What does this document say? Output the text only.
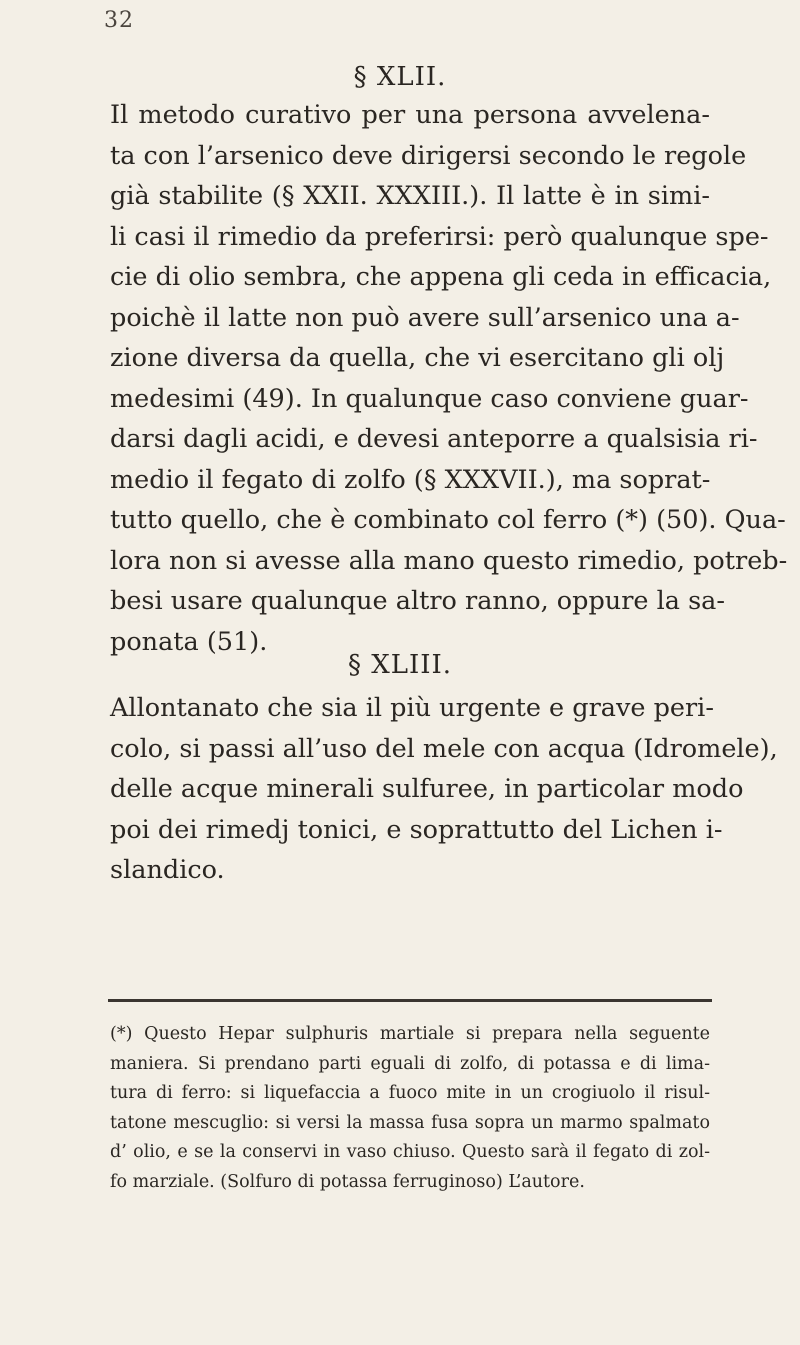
32
§ XLII.
Il metodo curativo per una persona avvelena-
ta con l’arsenico deve dirigersi secondo le regole
già stabilite (§ XXII. XXXIII.). Il latte è in simi-
li casi il rimedio da preferirsi: però qualunque spe-
cie di olio sembra, che appena gli ceda in efficacia,
poichè il latte non può avere sull’arsenico una a-
zione diversa da quella, che vi esercitano gli olj
medesimi (49). In qualunque caso conviene guar-
darsi dagli acidi, e devesi anteporre a qualsisia ri-
medio il fegato di zolfo (§ XXXVII.), ma soprat-
tutto quello, che è combinato col ferro (*) (50). Qua-
lora non si avesse alla mano questo rimedio, potreb-
besi usare qualunque altro ranno, oppure la sa-
ponata (51).
§ XLIII.
Allontanato che sia il più urgente e grave peri-
colo, si passi all’uso del mele con acqua (Idromele),
delle acque minerali sulfuree, in particolar modo
poi dei rimedj tonici, e soprattutto del Lichen i-
slandico.
(*) Questo Hepar sulphuris martiale si prepara nella seguente
maniera. Si prendano parti eguali di zolfo, di potassa e di lima-
tura di ferro: si liquefaccia a fuoco mite in un crogiuolo il risul-
tatone mescuglio: si versi la massa fusa sopra un marmo spalmato
d’ olio, e se la conservi in vaso chiuso. Questo sarà il fegato di zol-
fo marziale. (Solfuro di potassa ferruginoso) L’autore.
